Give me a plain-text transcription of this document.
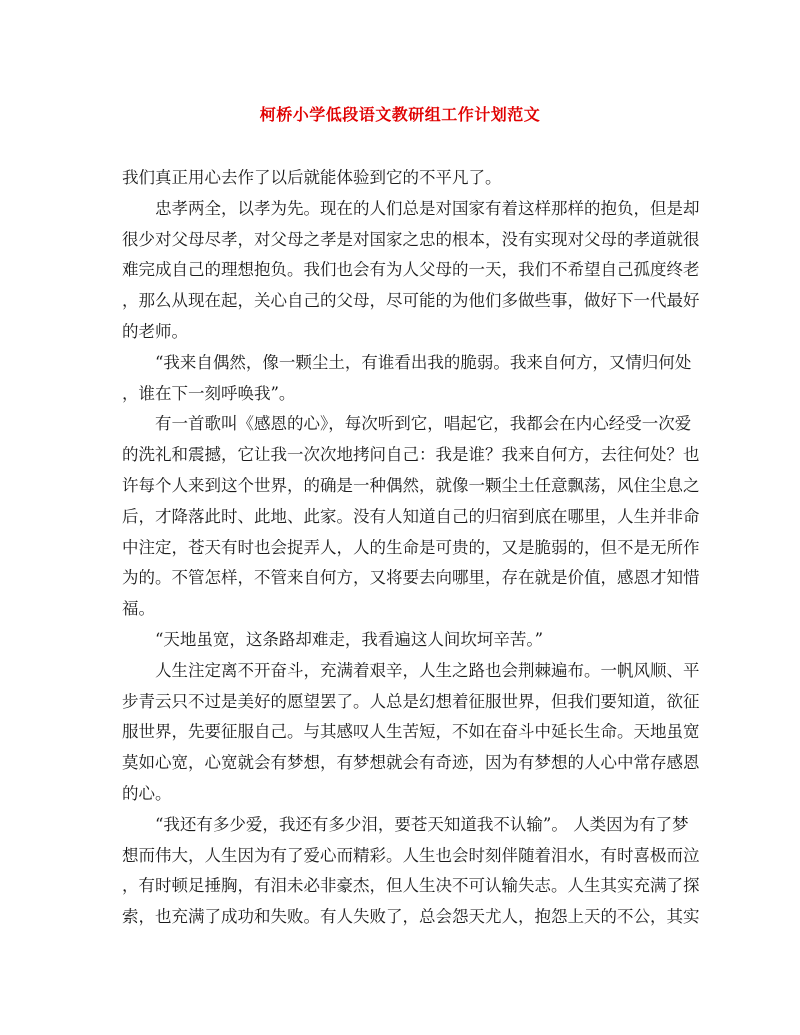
柯桥小学低段语文教研组工作计划范文
我们真正用心去作了以后就能体验到它的不平凡了。
忠孝两全，以孝为先。现在的人们总是对国家有着这样那样的抱负，但是却
很少对父母尽孝，对父母之孝是对国家之忠的根本，没有实现对父母的孝道就很
难完成自己的理想抱负。我们也会有为人父母的一天，我们不希望自己孤度终老
，那么从现在起，关心自己的父母，尽可能的为他们多做些事，做好下一代最好
的老师。
“我来自偶然，像一颗尘土，有谁看出我的脆弱。我来自何方，又情归何处
，谁在下一刻呼唤我”。
有一首歌叫《感恩的心》，每次听到它，唱起它，我都会在内心经受一次爱
的洗礼和震撼，它让我一次次地拷问自己：我是谁？我来自何方，去往何处？也
许每个人来到这个世界，的确是一种偶然，就像一颗尘土任意飘荡，风住尘息之
后，才降落此时、此地、此家。没有人知道自己的归宿到底在哪里，人生并非命
中注定，苍天有时也会捉弄人，人的生命是可贵的，又是脆弱的，但不是无所作
为的。不管怎样，不管来自何方，又将要去向哪里，存在就是价值，感恩才知惜
福。
“天地虽宽，这条路却难走，我看遍这人间坎坷辛苦。”
人生注定离不开奋斗，充满着艰辛，人生之路也会荆棘遍布。一帆风顺、平
步青云只不过是美好的愿望罢了。人总是幻想着征服世界，但我们要知道，欲征
服世界，先要征服自己。与其感叹人生苦短，不如在奋斗中延长生命。天地虽宽
莫如心宽，心宽就会有梦想，有梦想就会有奇迹，因为有梦想的人心中常存感恩
的心。
“我还有多少爱，我还有多少泪，要苍天知道我不认输”。 人类因为有了梦
想而伟大，人生因为有了爱心而精彩。人生也会时刻伴随着泪水，有时喜极而泣
，有时顿足捶胸，有泪未必非豪杰，但人生决不可认输失志。人生其实充满了探
索，也充满了成功和失败。有人失败了，总会怨天尤人，抱怨上天的不公，其实
